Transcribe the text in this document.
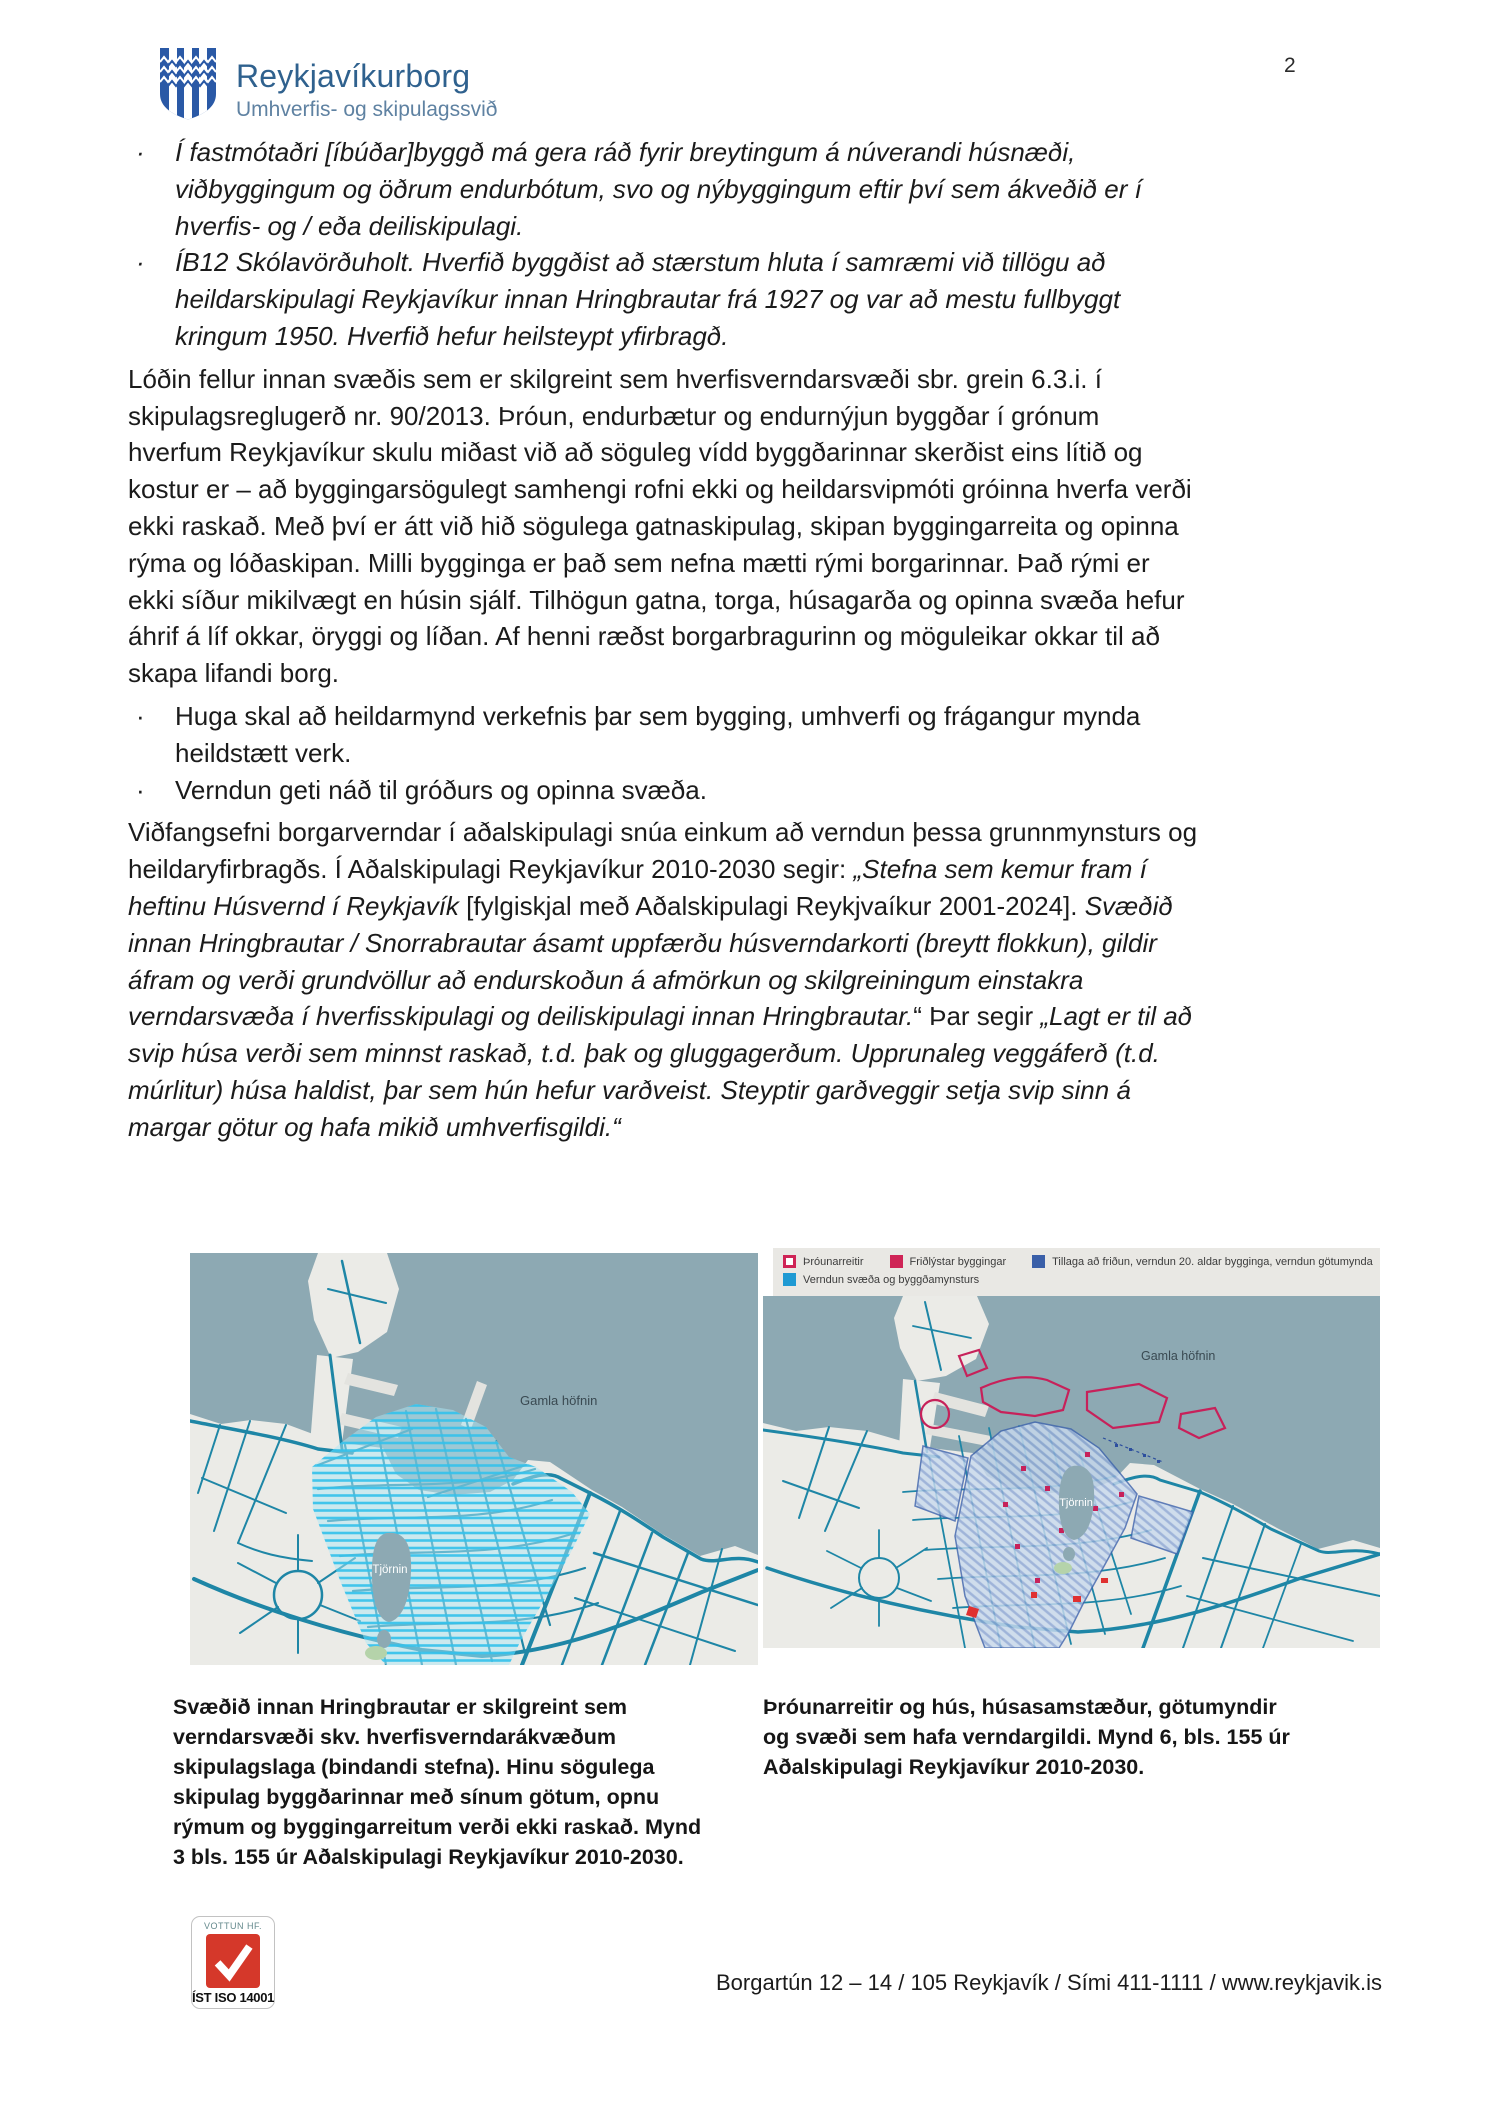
2
Reykjavíkurborg
Umhverfis- og skipulagssvið
·	Í fastmótaðri [íbúðar]byggð má gera ráð fyrir breytingum á núverandi húsnæði,
viðbyggingum og öðrum endurbótum, svo og nýbyggingum eftir því sem ákveðið er í
hverfis- og / eða deiliskipulagi.
·	ÍB12 Skólavörðuholt. Hverfið byggðist að stærstum hluta í samræmi við tillögu að
heildarskipulagi Reykjavíkur innan Hringbrautar frá 1927 og var að mestu fullbyggt
kringum 1950. Hverfið hefur heilsteypt yfirbragð.
Lóðin fellur innan svæðis sem er skilgreint sem hverfisverndarsvæði sbr. grein 6.3.i. í
skipulagsreglugerð nr. 90/2013. Þróun, endurbætur og endurnýjun byggðar í grónum
hverfum Reykjavíkur skulu miðast við að söguleg vídd byggðarinnar skerðist eins lítið og
kostur er – að byggingarsögulegt samhengi rofni ekki og heildarsvipmóti gróinna hverfa verði
ekki raskað. Með því er átt við hið sögulega gatnaskipulag, skipan byggingarreita og opinna
rýma og lóðaskipan. Milli bygginga er það sem nefna mætti rými borgarinnar. Það rými er
ekki síður mikilvægt en húsin sjálf. Tilhögun gatna, torga, húsagarða og opinna svæða hefur
áhrif á líf okkar, öryggi og líðan. Af henni ræðst borgarbragurinn og möguleikar okkar til að
skapa lifandi borg.
·	Huga skal að heildarmynd verkefnis þar sem bygging, umhverfi og frágangur mynda
heildstætt verk.
·	Verndun geti náð til gróðurs og opinna svæða.
Viðfangsefni borgarverndar í aðalskipulagi snúa einkum að verndun þessa grunnmynsturs og
heildaryfirbragðs. Í Aðalskipulagi Reykjavíkur 2010-2030 segir: „Stefna sem kemur fram í
heftinu Húsvernd í Reykjavík [fylgiskjal með Aðalskipulagi Reykjvaíkur 2001-2024]. Svæðið
innan Hringbrautar / Snorrabrautar ásamt uppfærðu húsverndarkorti (breytt flokkun), gildir
áfram og verði grundvöllur að endurskoðun á afmörkun og skilgreiningum einstakra
verndarsvæða í hverfisskipulagi og deiliskipulagi innan Hringbrautar.“ Þar segir „Lagt er til að
svip húsa verði sem minnst raskað, t.d. þak og gluggagerðum. Upprunaleg veggáferð (t.d.
múrlitur) húsa haldist, þar sem hún hefur varðveist. Steyptir garðveggir setja svip sinn á
margar götur og hafa mikið umhverfisgildi.“
Gamla höfnin
Tjörnin
Þróunarreitir	Friðlýstar byggingar	Tillaga að friðun, verndun 20. aldar bygginga, verndun götumynda
Verndun svæða og byggðamynsturs
Gamla höfnin
Tjörnin
Svæðið innan Hringbrautar er skilgreint sem
verndarsvæði skv. hverfisverndarákvæðum
skipulagslaga (bindandi stefna). Hinu sögulega
skipulag byggðarinnar með sínum götum, opnu
rýmum og byggingarreitum verði ekki raskað. Mynd
3 bls. 155 úr Aðalskipulagi Reykjavíkur 2010-2030.
Þróunarreitir og hús, húsasamstæður, götumyndir
og svæði sem hafa verndargildi. Mynd 6, bls. 155 úr
Aðalskipulagi Reykjavíkur 2010-2030.
VOTTUN HF.
ÍST ISO 14001
Borgartún 12 – 14 / 105 Reykjavík / Sími 411-1111 / www.reykjavik.is
